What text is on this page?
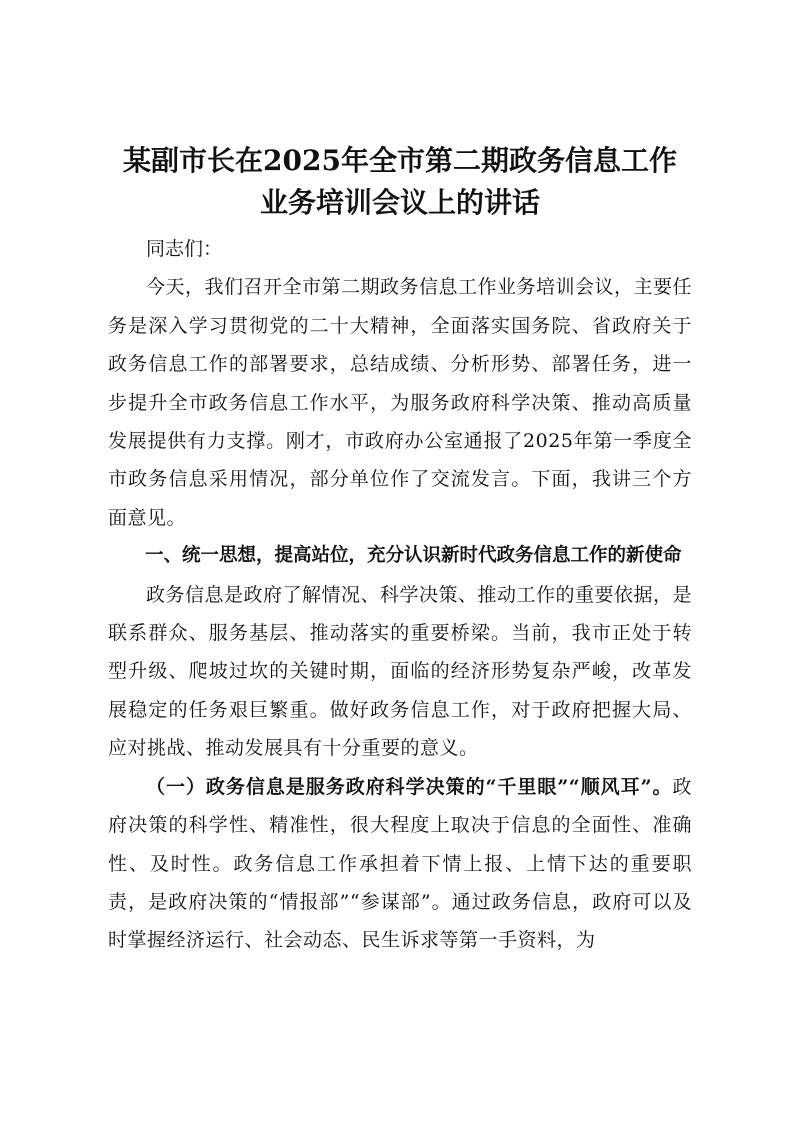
某副市长在2025年全市第二期政务信息工作
业务培训会议上的讲话

同志们：

今天，我们召开全市第二期政务信息工作业务培训会议，主要任务是深入学习贯彻党的二十大精神，全面落实国务院、省政府关于政务信息工作的部署要求，总结成绩、分析形势、部署任务，进一步提升全市政务信息工作水平，为服务政府科学决策、推动高质量发展提供有力支撑。刚才，市政府办公室通报了2025年第一季度全市政务信息采用情况，部分单位作了交流发言。下面，我讲三个方面意见。

一、统一思想，提高站位，充分认识新时代政务信息工作的新使命

政务信息是政府了解情况、科学决策、推动工作的重要依据，是联系群众、服务基层、推动落实的重要桥梁。当前，我市正处于转型升级、爬坡过坎的关键时期，面临的经济形势复杂严峻，改革发展稳定的任务艰巨繁重。做好政务信息工作，对于政府把握大局、应对挑战、推动发展具有十分重要的意义。

（一）政务信息是服务政府科学决策的“千里眼”“顺风耳”。政府决策的科学性、精准性，很大程度上取决于信息的全面性、准确性、及时性。政务信息工作承担着下情上报、上情下达的重要职责，是政府决策的“情报部”“参谋部”。通过政务信息，政府可以及时掌握经济运行、社会动态、民生诉求等第一手资料，为
